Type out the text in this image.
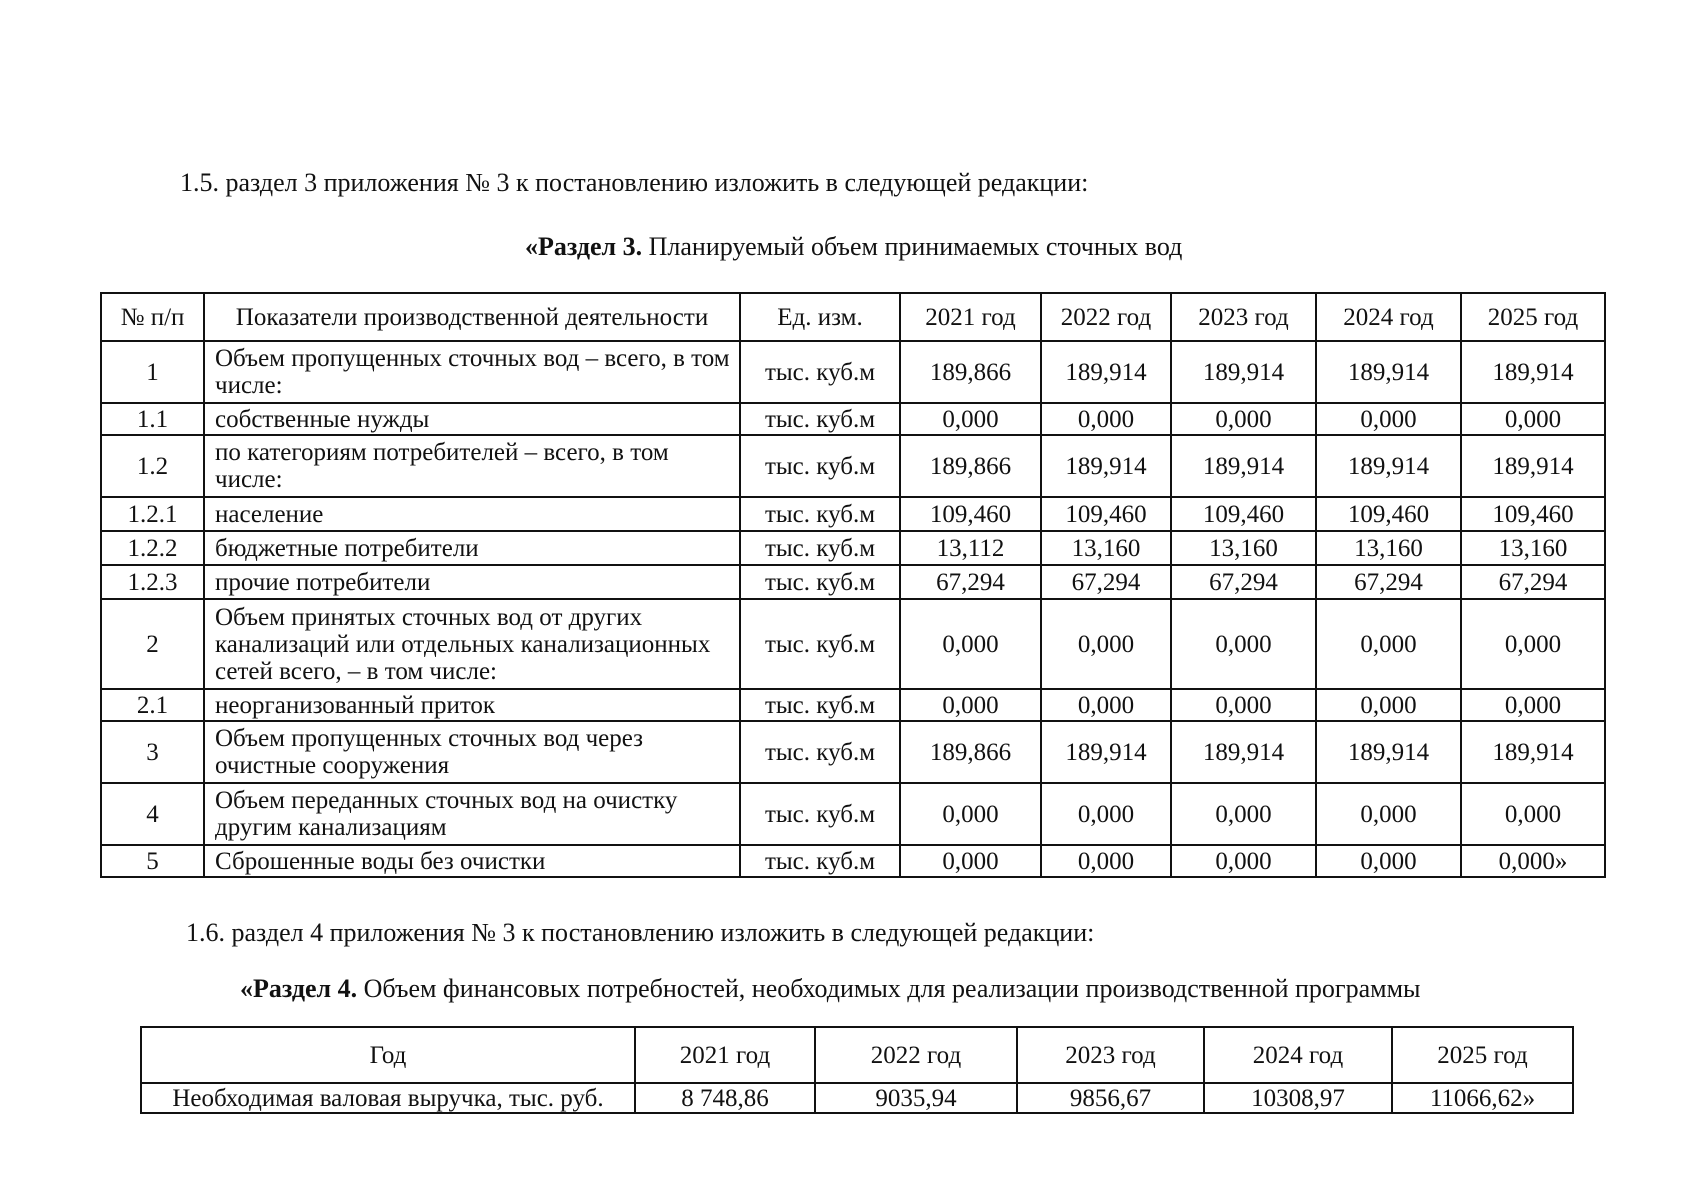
1.5. раздел 3 приложения № 3 к постановлению изложить в следующей редакции:

«Раздел 3. Планируемый объем принимаемых сточных вод

№ п/п	Показатели производственной деятельности	Ед. изм.	2021 год	2022 год	2023 год	2024 год	2025 год
1	Объем пропущенных сточных вод – всего, в том числе:	тыс. куб.м	189,866	189,914	189,914	189,914	189,914
1.1	собственные нужды	тыс. куб.м	0,000	0,000	0,000	0,000	0,000
1.2	по категориям потребителей – всего, в том числе:	тыс. куб.м	189,866	189,914	189,914	189,914	189,914
1.2.1	население	тыс. куб.м	109,460	109,460	109,460	109,460	109,460
1.2.2	бюджетные потребители	тыс. куб.м	13,112	13,160	13,160	13,160	13,160
1.2.3	прочие потребители	тыс. куб.м	67,294	67,294	67,294	67,294	67,294
2	Объем принятых сточных вод от других канализаций или отдельных канализационных сетей всего, – в том числе:	тыс. куб.м	0,000	0,000	0,000	0,000	0,000
2.1	неорганизованный приток	тыс. куб.м	0,000	0,000	0,000	0,000	0,000
3	Объем пропущенных сточных вод через очистные сооружения	тыс. куб.м	189,866	189,914	189,914	189,914	189,914
4	Объем переданных сточных вод на очистку другим канализациям	тыс. куб.м	0,000	0,000	0,000	0,000	0,000
5	Сброшенные воды без очистки	тыс. куб.м	0,000	0,000	0,000	0,000	0,000»

1.6. раздел 4 приложения № 3 к постановлению изложить в следующей редакции:

«Раздел 4. Объем финансовых потребностей, необходимых для реализации производственной программы

Год	2021 год	2022 год	2023 год	2024 год	2025 год
Необходимая валовая выручка, тыс. руб.	8 748,86	9035,94	9856,67	10308,97	11066,62»
